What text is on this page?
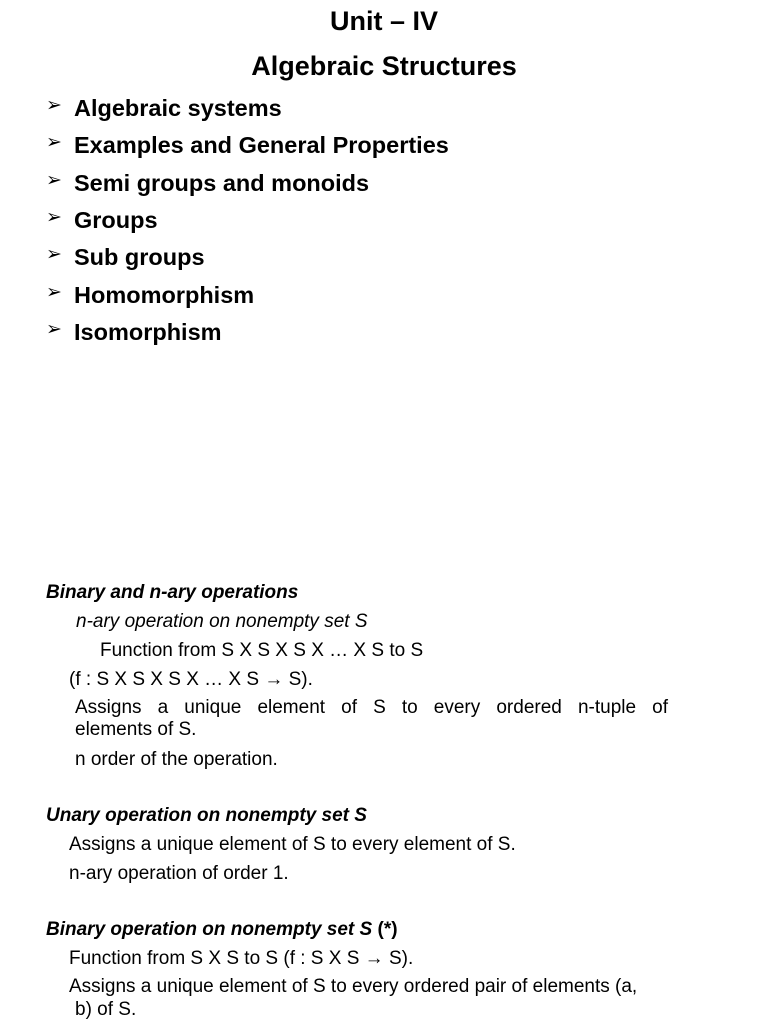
Unit – IV
Algebraic Structures
➢ Algebraic systems
➢ Examples and General Properties
➢ Semi groups and monoids
➢ Groups
➢ Sub groups
➢ Homomorphism
➢ Isomorphism
Binary and n-ary operations
n-ary operation on nonempty set S
Function from S X S X S X … X S to S
(f : S X S X S X … X S → S).
Assigns a unique element of S to every ordered n-tuple of
elements of S.
n order of the operation.
Unary operation on nonempty set S
Assigns a unique element of S to every element of S.
n-ary operation of order 1.
Binary operation on nonempty set S (*)
Function from S X S to S (f : S X S → S).
Assigns a unique element of S to every ordered pair of elements (a,
b) of S.
